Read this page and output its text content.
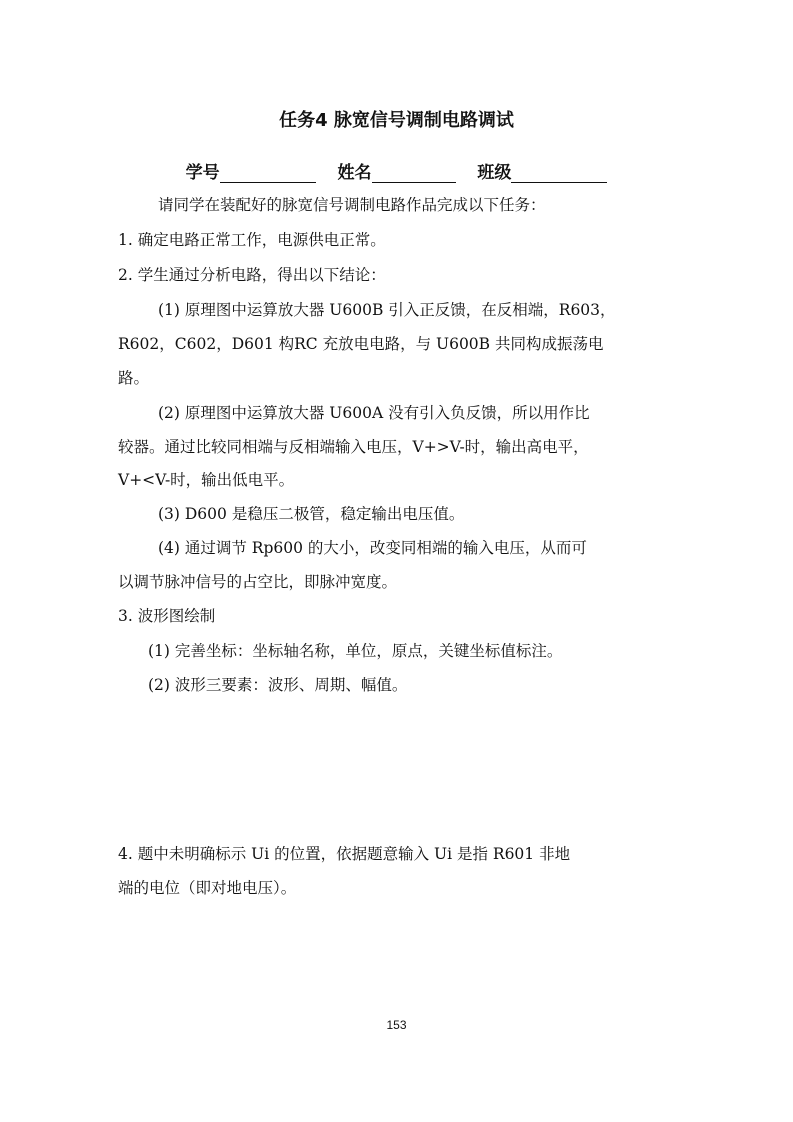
任务4 脉宽信号调制电路调试
学号	姓名	班级
请同学在装配好的脉宽信号调制电路作品完成以下任务：
1. 确定电路正常工作，电源供电正常。
2. 学生通过分析电路，得出以下结论：
(1) 原理图中运算放大器 U600B 引入正反馈，在反相端，R603，
R602，C602，D601 构RC 充放电电路，与 U600B 共同构成振荡电
路。
(2) 原理图中运算放大器 U600A 没有引入负反馈，所以用作比
较器。通过比较同相端与反相端输入电压，V+>V-时，输出高电平，
V+<V-时，输出低电平。
(3) D600 是稳压二极管，稳定输出电压值。
(4) 通过调节 Rp600 的大小，改变同相端的输入电压，从而可
以调节脉冲信号的占空比，即脉冲宽度。
3. 波形图绘制
(1) 完善坐标：坐标轴名称，单位，原点，关键坐标值标注。
(2) 波形三要素：波形、周期、幅值。
4. 题中未明确标示 Ui 的位置，依据题意输入 Ui 是指 R601 非地
端的电位（即对地电压）。
153
